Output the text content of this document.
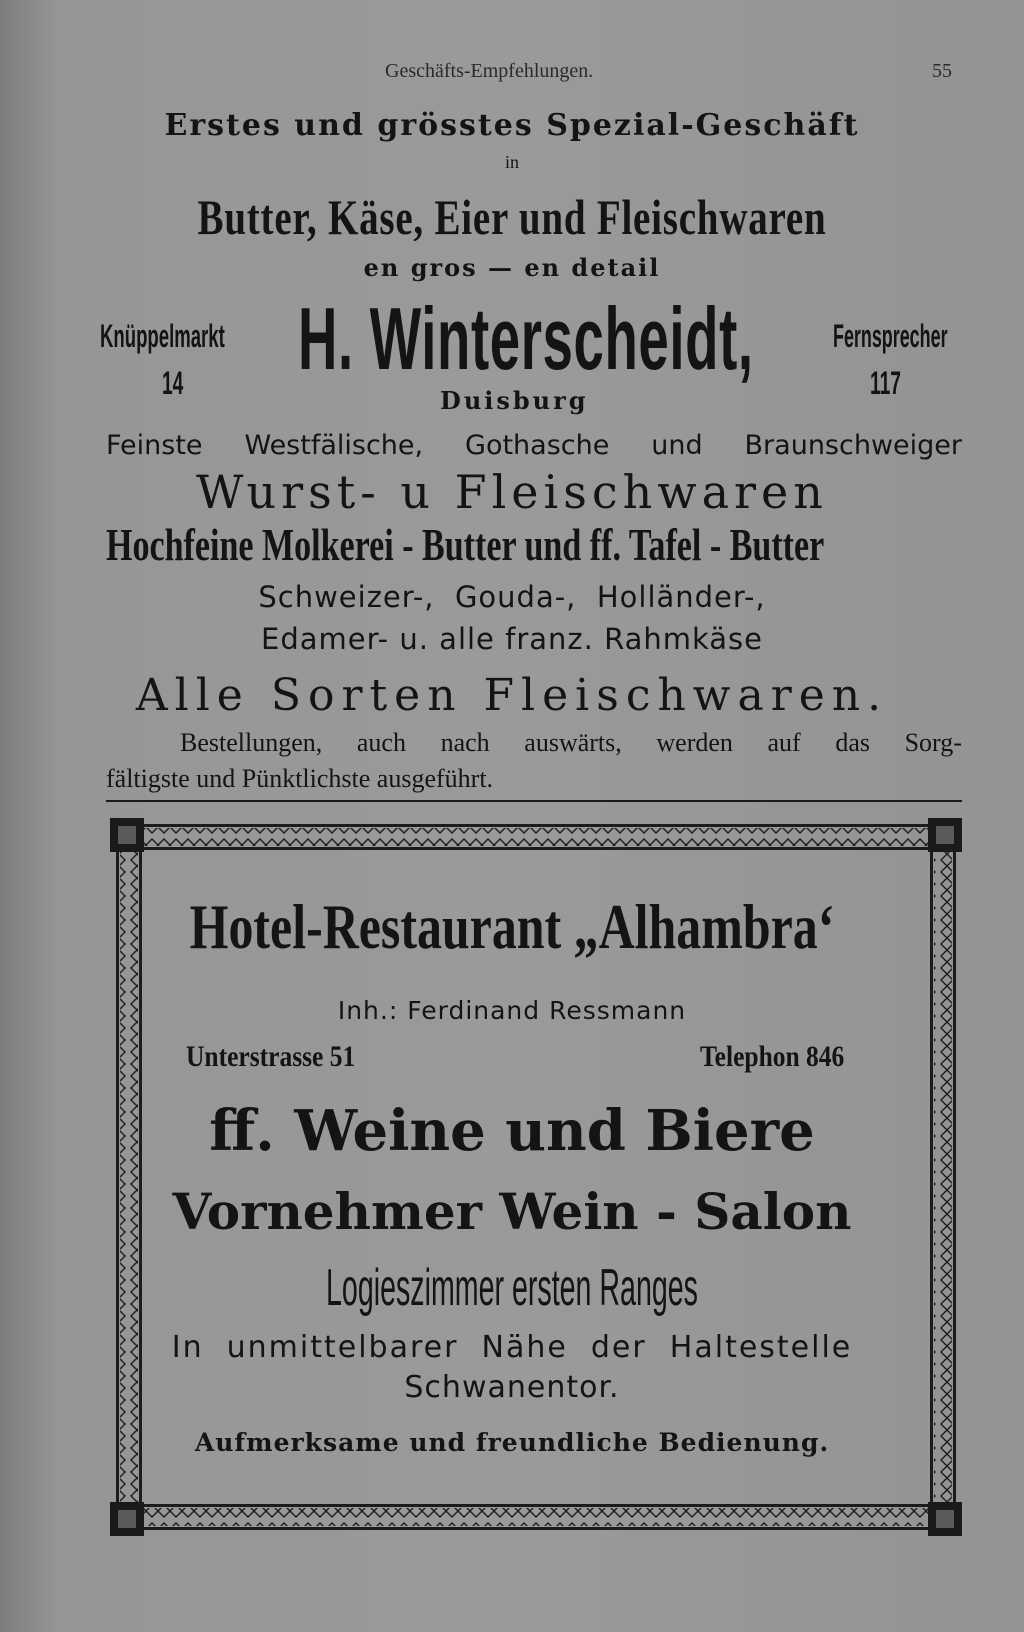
Geschäfts-Empfehlungen.	55
Erstes und grösstes Spezial-Geschäft
in
Butter, Käse, Eier und Fleischwaren
en gros — en detail
Knüppelmarkt
14 H. Winterscheidt, Fernsprecher
117
Duisburg
Feinste Westfälische, Gothasche und Braunschweiger
Wurst- u Fleischwaren
Hochfeine Molkerei - Butter und ff. Tafel - Butter
Schweizer-,  Gouda-,  Holländer-,
Edamer- u. alle franz. Rahmkäse
Alle Sorten Fleischwaren.
Bestellungen, auch nach auswärts, werden auf das Sorg-
fältigste und Pünktlichste ausgeführt.
Hotel-Restaurant „Alhambra‘
Inh.: Ferdinand Ressmann
Unterstrasse 51	Telephon 846
ff. Weine und Biere
Vornehmer Wein - Salon
Logieszimmer ersten Ranges
In  unmittelbarer  Nähe  der  Haltestelle
Schwanentor.
Aufmerksame und freundliche Bedienung.
